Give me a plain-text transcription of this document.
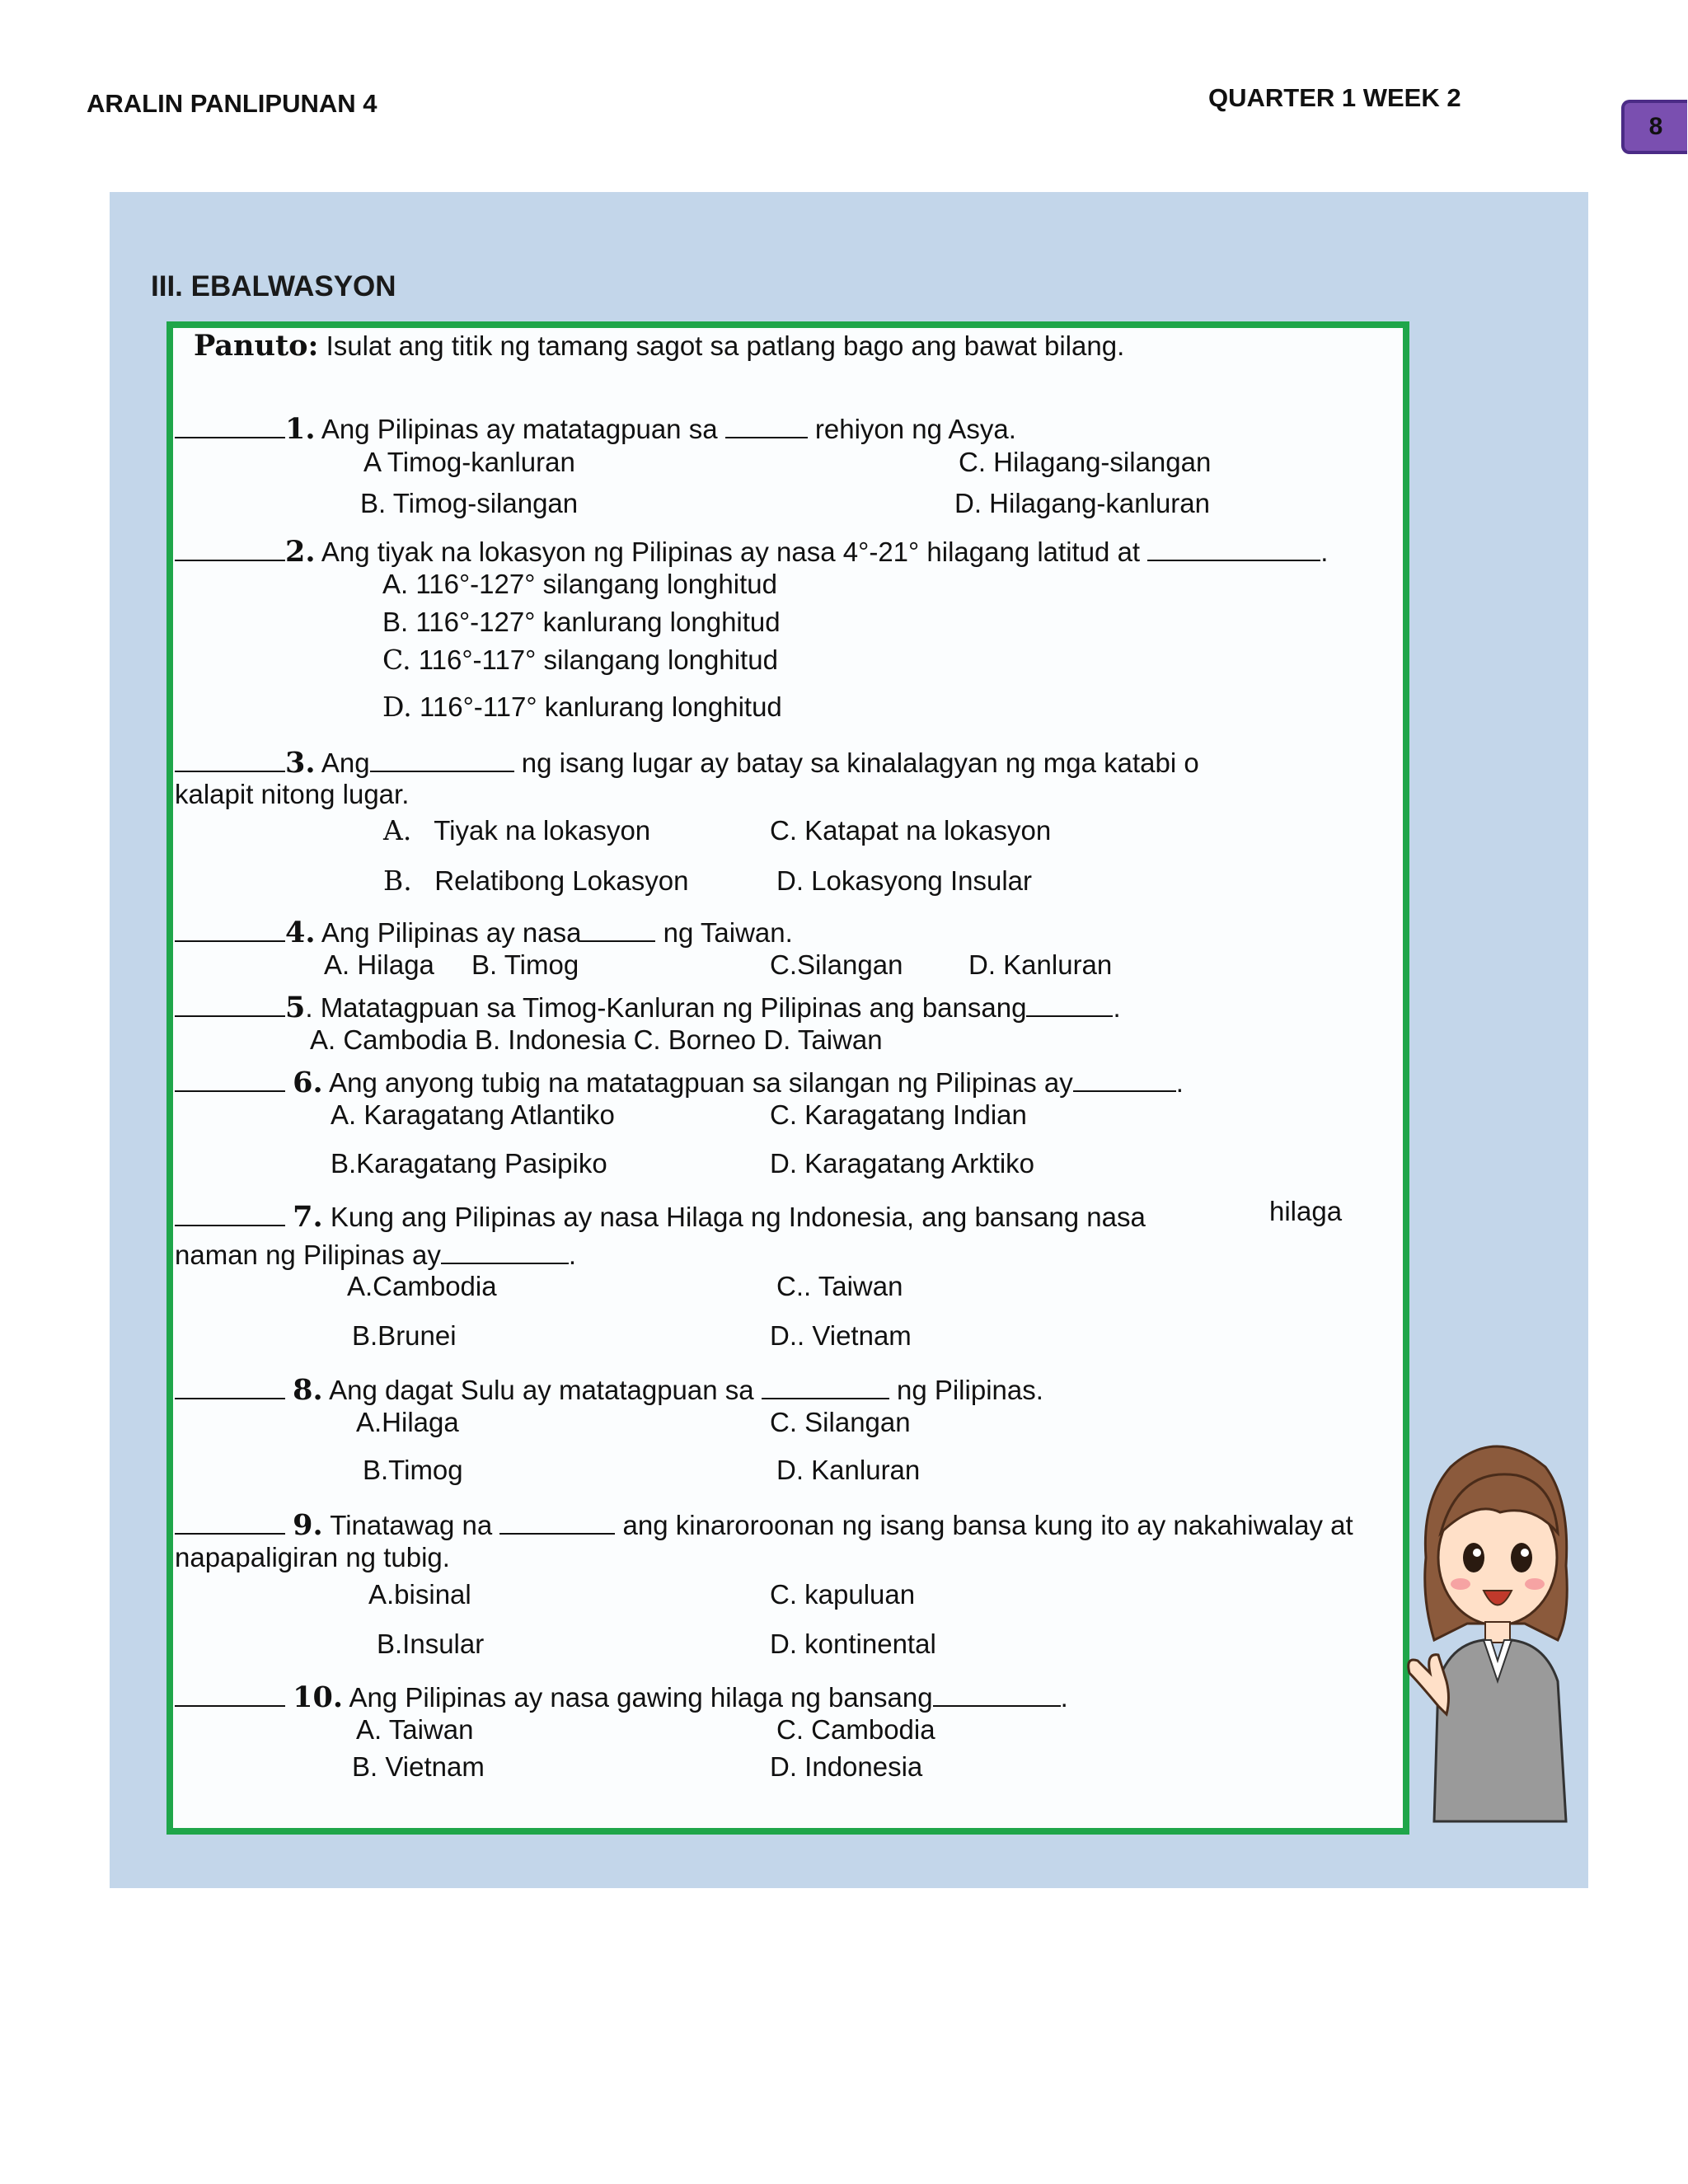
ARALIN PANLIPUNAN 4	QUARTER 1 WEEK 2
8
III. EBALWASYON
Panuto: Isulat ang titik ng tamang sagot sa patlang bago ang bawat bilang.
1. Ang Pilipinas ay matatagpuan sa	rehiyon ng Asya.
A Timog-kanluran	C. Hilagang-silangan
B. Timog-silangan	D. Hilagang-kanluran
2. Ang tiyak na lokasyon ng Pilipinas ay nasa 4°-21° hilagang latitud at	.
A. 116°-127° silangang longhitud
B. 116°-127° kanlurang longhitud
C. 116°-117° silangang longhitud
D. 116°-117° kanlurang longhitud
3. Ang	ng isang lugar ay batay sa kinalalagyan ng mga katabi o
kalapit nitong lugar.
A. Tiyak na lokasyon	C. Katapat na lokasyon
B. Relatibong Lokasyon	D. Lokasyong Insular
4. Ang Pilipinas ay nasa	ng Taiwan.
A. Hilaga B. Timog	C.Silangan D. Kanluran
5. Matatagpuan sa Timog-Kanluran ng Pilipinas ang bansang	.
A. Cambodia B. Indonesia C. Borneo D. Taiwan
6. Ang anyong tubig na matatagpuan sa silangan ng Pilipinas ay	.
A. Karagatang Atlantiko	C. Karagatang Indian
B.Karagatang Pasipiko	D. Karagatang Arktiko
7. Kung ang Pilipinas ay nasa Hilaga ng Indonesia, ang bansang nasa	hilaga
naman ng Pilipinas ay	.
A.Cambodia	C.. Taiwan
B.Brunei	D.. Vietnam
8. Ang dagat Sulu ay matatagpuan sa	ng Pilipinas.
A.Hilaga	C. Silangan
B.Timog	D. Kanluran
9. Tinatawag na	ang kinaroroonan ng isang bansa kung ito ay nakahiwalay at
napapaligiran ng tubig.
A.bisinal	C. kapuluan
B.Insular	D. kontinental
10. Ang Pilipinas ay nasa gawing hilaga ng bansang	.
A. Taiwan	C. Cambodia
B. Vietnam	D. Indonesia
